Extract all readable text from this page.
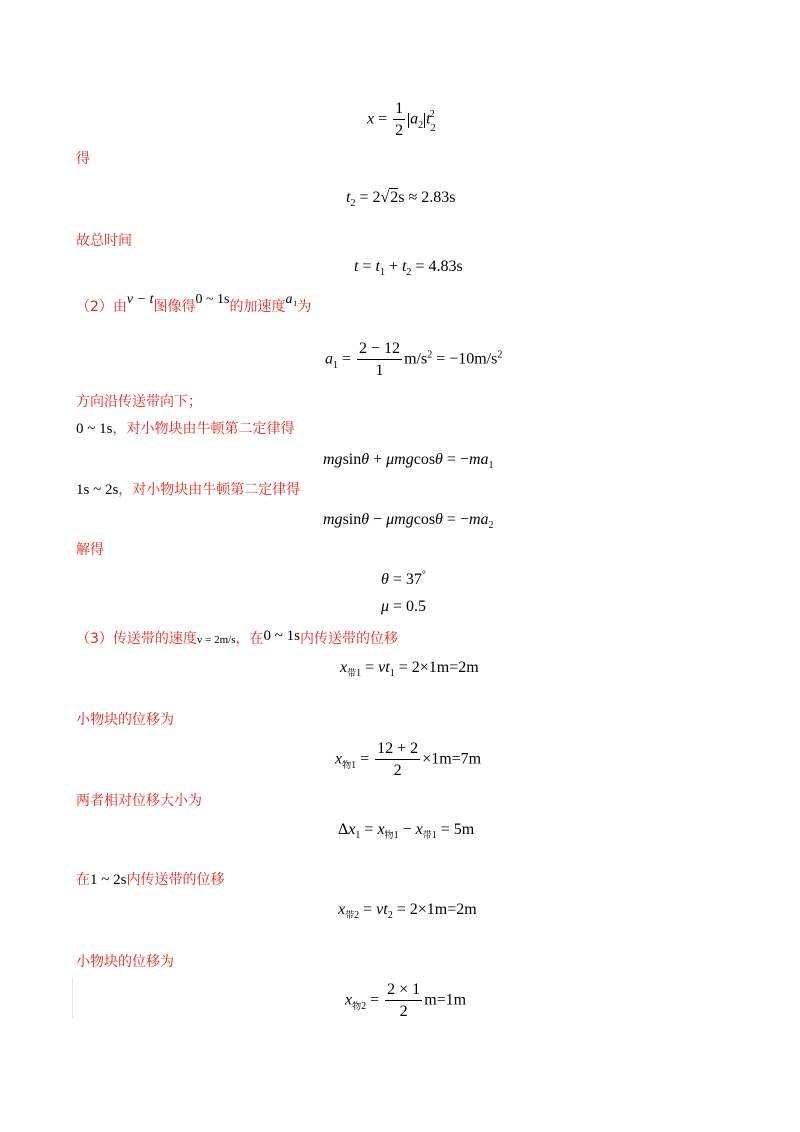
$x = \frac{1}{2} a_2$ $t_2^2$
得
$t_2 = 2√2s \approx 2.83s$
故总时间
$t = t_1 + t_2 = 4.83s$
（2）由v − t图像得0 ~ 1s的加速度a₁为
$a_1 = \frac{2 - 12}{1} m/s^2 = -10m/s^2$
方向沿传送带向下；
0 ~ 1s，对小物块由牛顿第二定律得
$mgsin\theta + \mu mgcos\theta = -ma_1$
1s ~ 2s，对小物块由牛顿第二定律得
$mgsin\theta - \mu mgcos\theta = -ma_2$
解得
θ = 37°
μ = 0.5
（3）传送带的速度v = 2m/s，在0 ~ 1s内传送带的位移
$x_{带1} = vt_1 = 2\times 1m=2m$
小物块的位移为
$x_{物1} = \frac{12 + 2}{2} \times 1m=7m$
两者相对位移大小为
$\Delta x_1 = x_{物1} - x_{带1} = 5m$
在1 ~ 2s内传送带的位移
$x_{带2} = vt_2 = 2\times 1m=2m$
小物块的位移为
$x_{物2} = \frac{2 \times 1}{2} m=1m$
